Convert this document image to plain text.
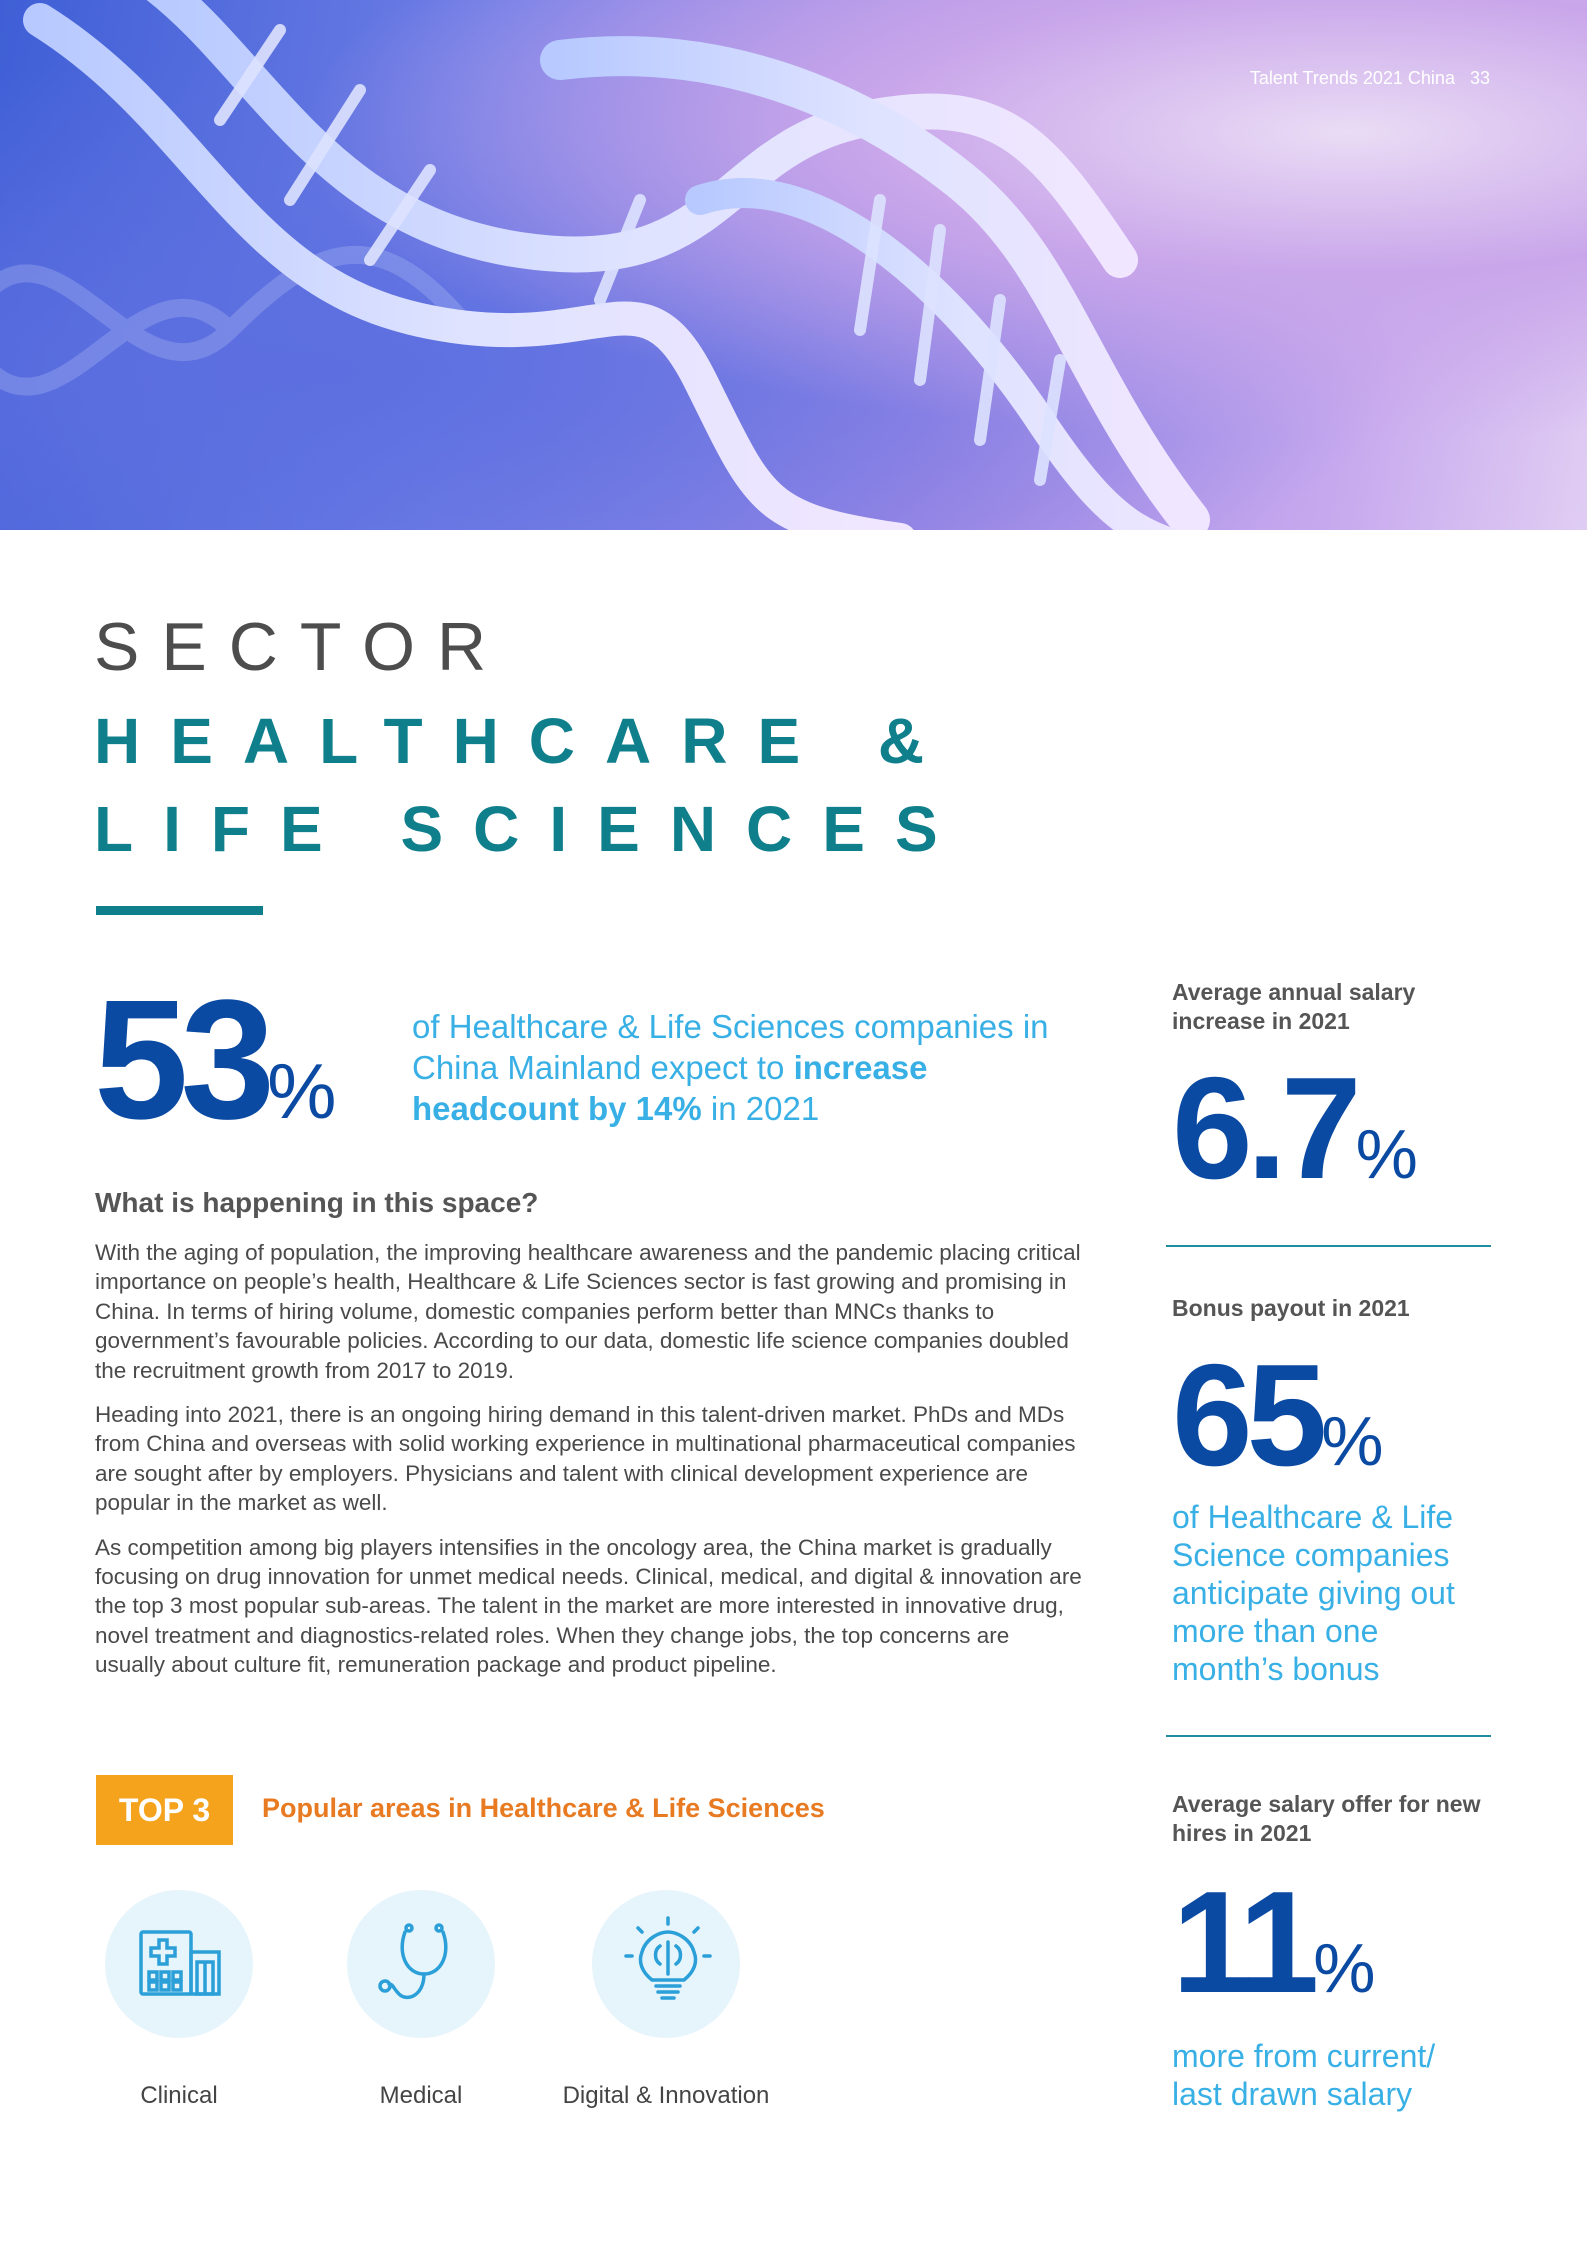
Talent Trends 2021 China 33
SECTOR
HEALTHCARE &
LIFE SCIENCES
53%
of Healthcare & Life Sciences companies in China Mainland expect to increase headcount by 14% in 2021
What is happening in this space?

With the aging of population, the improving healthcare awareness and the pandemic placing critical importance on people’s health, Healthcare & Life Sciences sector is fast growing and promising in China. In terms of hiring volume, domestic companies perform better than MNCs thanks to government’s favourable policies. According to our data, domestic life science companies doubled the recruitment growth from 2017 to 2019.

Heading into 2021, there is an ongoing hiring demand in this talent-driven market. PhDs and MDs from China and overseas with solid working experience in multinational pharmaceutical companies are sought after by employers. Physicians and talent with clinical development experience are popular in the market as well.

As competition among big players intensifies in the oncology area, the China market is gradually focusing on drug innovation for unmet medical needs. Clinical, medical, and digital & innovation are the top 3 most popular sub-areas. The talent in the market are more interested in innovative drug, novel treatment and diagnostics-related roles. When they change jobs, the top concerns are usually about culture fit, remuneration package and product pipeline.

TOP 3	Popular areas in Healthcare & Life Sciences
Clinical	Medical	Digital & Innovation
Average annual salary increase in 2021
6.7%
Bonus payout in 2021
65%
of Healthcare & Life Science companies anticipate giving out more than one month’s bonus
Average salary offer for new hires in 2021
11%
more from current/ last drawn salary
